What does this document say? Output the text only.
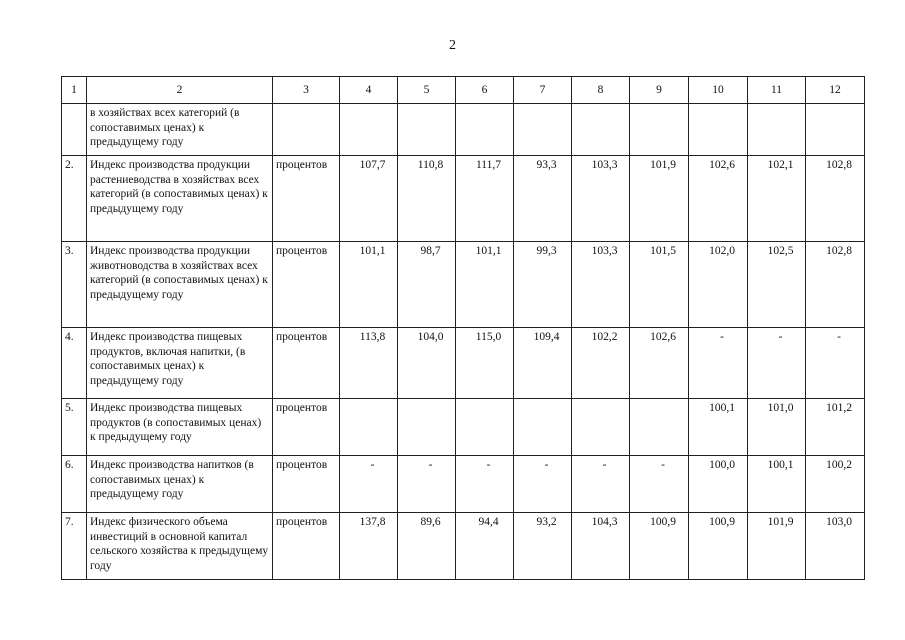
2
1	2	3	4	5	6	7	8	9	10	11	12
	в хозяйствах всех категорий (в сопоставимых ценах) к предыдущему году										
2.	Индекс производства продукции растениеводства в хозяйствах всех категорий (в сопоставимых ценах) к предыдущему году	процентов	107,7	110,8	111,7	93,3	103,3	101,9	102,6	102,1	102,8
3.	Индекс производства продукции животноводства в хозяйствах всех категорий (в сопоставимых ценах) к предыдущему году	процентов	101,1	98,7	101,1	99,3	103,3	101,5	102,0	102,5	102,8
4.	Индекс производства пищевых продуктов, включая напитки, (в сопоставимых ценах) к предыдущему году	процентов	113,8	104,0	115,0	109,4	102,2	102,6	-	-	-
5.	Индекс производства пищевых продуктов (в сопоставимых ценах) к предыдущему году	процентов							100,1	101,0	101,2
6.	Индекс производства напитков (в сопоставимых ценах) к предыдущему году	процентов	-	-	-	-	-	-	100,0	100,1	100,2
7.	Индекс физического объема инвестиций в основной капитал сельского хозяйства к предыдущему году	процентов	137,8	89,6	94,4	93,2	104,3	100,9	100,9	101,9	103,0
